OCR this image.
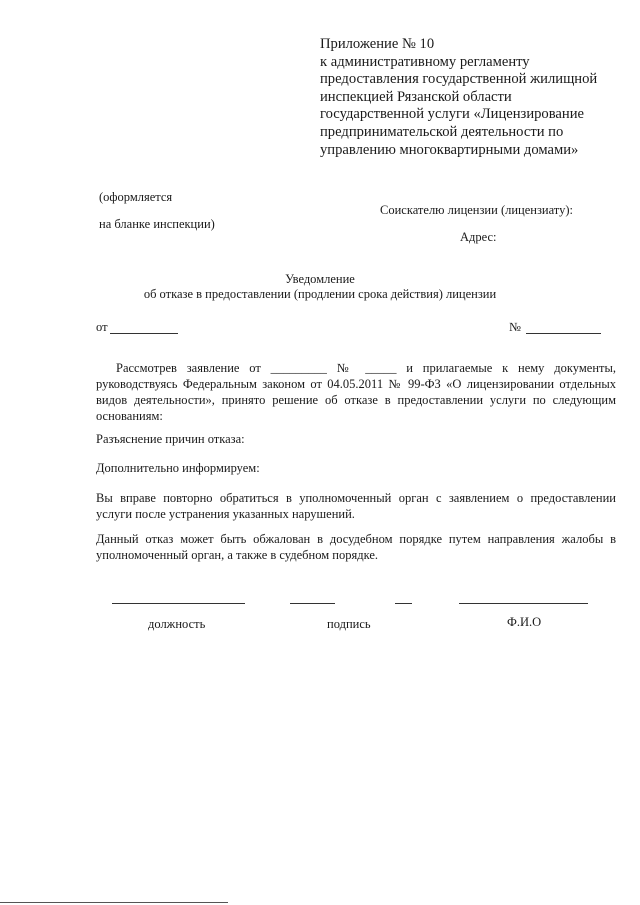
Приложение № 10
к административному регламенту
предоставления государственной жилищной
инспекцией Рязанской области
государственной услуги «Лицензирование
предпринимательской деятельности по
управлению многоквартирными домами»
(оформляется
на бланке инспекции)
Соискателю лицензии (лицензиату):
Адрес:
Уведомление
об отказе в предоставлении (продлении срока действия) лицензии
от	№
Рассмотрев заявление от _________ № _____ и прилагаемые к нему документы,
руководствуясь Федеральным законом от 04.05.2011 № 99-ФЗ «О лицензировании отдельных
видов деятельности», принято решение об отказе в предоставлении услуги по следующим
основаниям:
Разъяснение причин отказа:
Дополнительно информируем:
Вы вправе повторно обратиться в уполномоченный орган с заявлением о предоставлении
услуги после устранения указанных нарушений.
Данный отказ может быть обжалован в досудебном порядке путем направления жалобы в
уполномоченный орган, а также в судебном порядке.
должность	подпись	Ф.И.О
